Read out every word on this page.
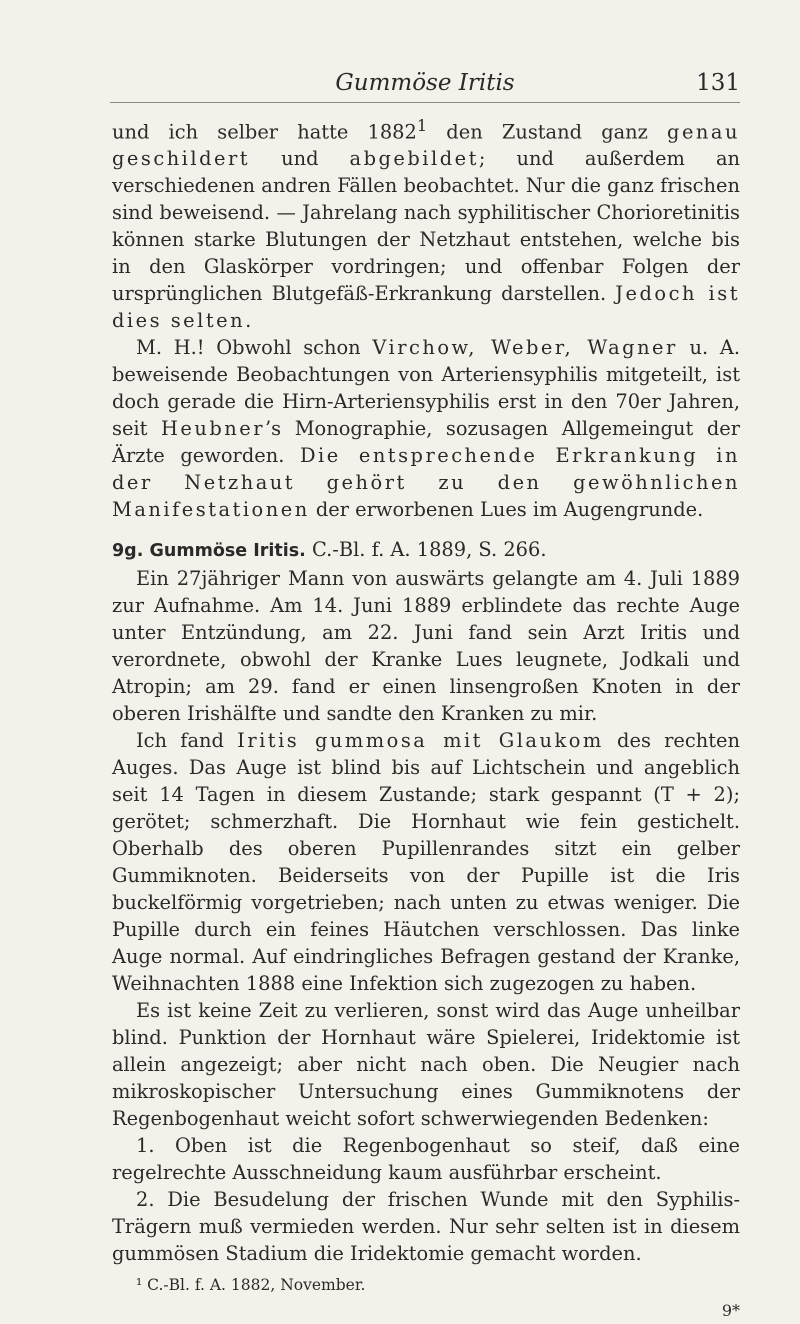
Gummöse Iritis	131

und ich selber hatte 1882$^1$ den Zustand ganz genau geschildert und abgebildet; und außerdem an verschiedenen andren Fällen beobachtet. Nur die ganz frischen sind beweisend. — Jahrelang nach syphilitischer Chorioretinitis können starke Blutungen der Netzhaut entstehen, welche bis in den Glaskörper vordringen; und offenbar Folgen der ursprünglichen Blutgefäß-Erkrankung darstellen. Jedoch ist dies selten.

M. H.! Obwohl schon Virchow, Weber, Wagner u. A. beweisende Beobachtungen von Arteriensyphilis mitgeteilt, ist doch gerade die Hirn-Arteriensyphilis erst in den 70er Jahren, seit Heubner’s Monographie, sozusagen Allgemeingut der Ärzte geworden. Die entsprechende Erkrankung in der Netzhaut gehört zu den gewöhnlichen Manifestationen der erworbenen Lues im Augengrunde.

9g. Gummöse Iritis. C.-Bl. f. A. 1889, S. 266.

Ein 27jähriger Mann von auswärts gelangte am 4. Juli 1889 zur Aufnahme. Am 14. Juni 1889 erblindete das rechte Auge unter Entzündung, am 22. Juni fand sein Arzt Iritis und verordnete, obwohl der Kranke Lues leugnete, Jodkali und Atropin; am 29. fand er einen linsengroßen Knoten in der oberen Irishälfte und sandte den Kranken zu mir.

Ich fand Iritis gummosa mit Glaukom des rechten Auges. Das Auge ist blind bis auf Lichtschein und angeblich seit 14 Tagen in diesem Zustande; stark gespannt (T + 2); gerötet; schmerzhaft. Die Hornhaut wie fein gestichelt. Oberhalb des oberen Pupillenrandes sitzt ein gelber Gummiknoten. Beiderseits von der Pupille ist die Iris buckelförmig vorgetrieben; nach unten zu etwas weniger. Die Pupille durch ein feines Häutchen verschlossen. Das linke Auge normal. Auf eindringliches Befragen gestand der Kranke, Weihnachten 1888 eine Infektion sich zugezogen zu haben.

Es ist keine Zeit zu verlieren, sonst wird das Auge unheilbar blind. Punktion der Hornhaut wäre Spielerei, Iridektomie ist allein angezeigt; aber nicht nach oben. Die Neugier nach mikroskopischer Untersuchung eines Gummiknotens der Regenbogenhaut weicht sofort schwerwiegenden Bedenken:

1. Oben ist die Regenbogenhaut so steif, daß eine regelrechte Ausschneidung kaum ausführbar erscheint.

2. Die Besudelung der frischen Wunde mit den Syphilis-Trägern muß vermieden werden. Nur sehr selten ist in diesem gummösen Stadium die Iridektomie gemacht worden.

¹ C.-Bl. f. A. 1882, November.

9*
